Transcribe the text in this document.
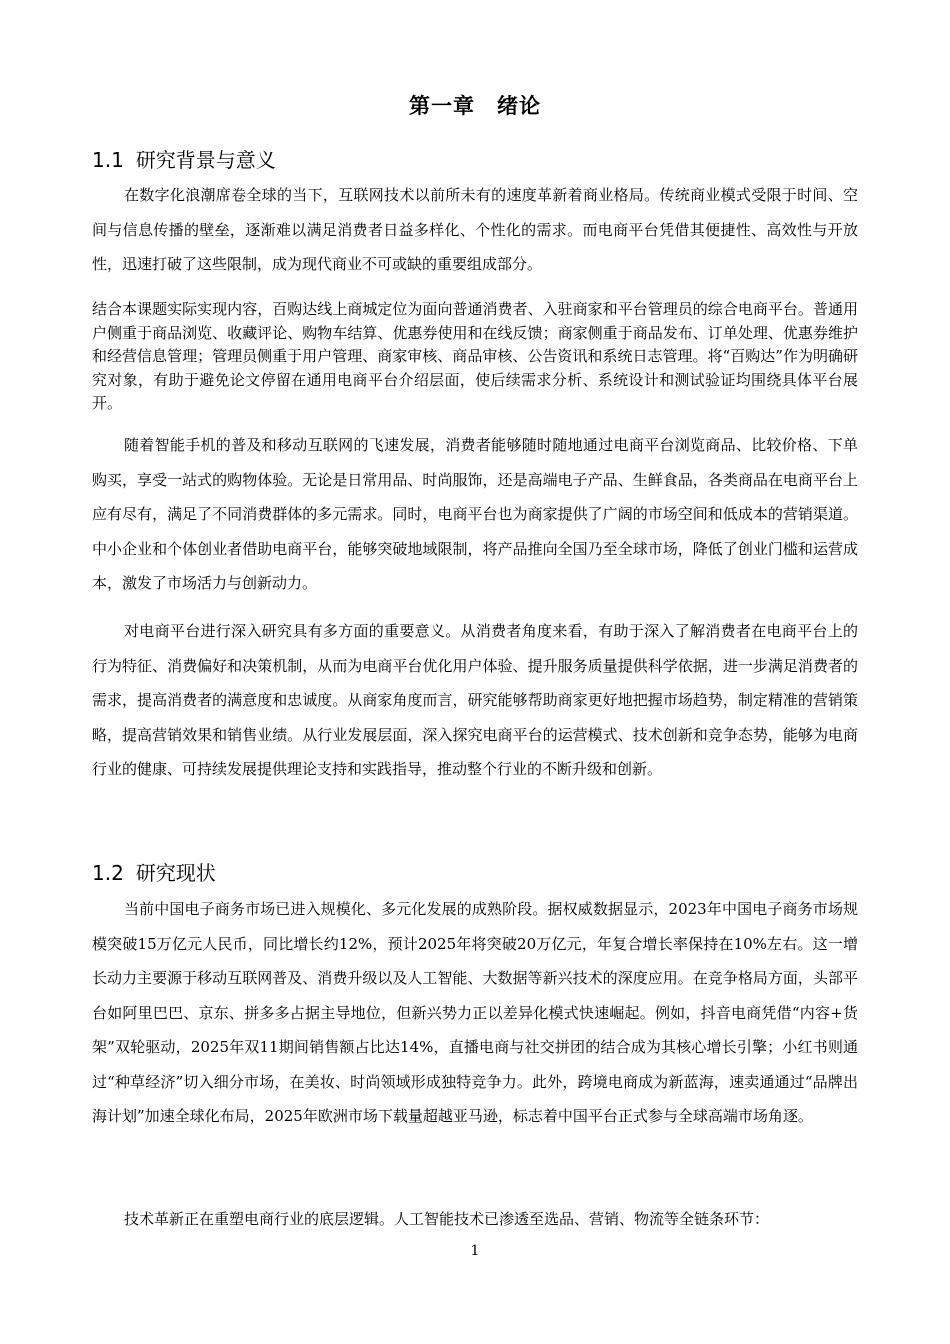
第一章　绪论
1.1 研究背景与意义

在数字化浪潮席卷全球的当下，互联网技术以前所未有的速度革新着商业格局。传统商业模式受限于时间、空间与信息传播的壁垒，逐渐难以满足消费者日益多样化、个性化的需求。而电商平台凭借其便捷性、高效性与开放性，迅速打破了这些限制，成为现代商业不可或缺的重要组成部分。

结合本课题实际实现内容，百购达线上商城定位为面向普通消费者、入驻商家和平台管理员的综合电商平台。普通用户侧重于商品浏览、收藏评论、购物车结算、优惠券使用和在线反馈；商家侧重于商品发布、订单处理、优惠券维护和经营信息管理；管理员侧重于用户管理、商家审核、商品审核、公告资讯和系统日志管理。将“百购达”作为明确研究对象，有助于避免论文停留在通用电商平台介绍层面，使后续需求分析、系统设计和测试验证均围绕具体平台展开。

随着智能手机的普及和移动互联网的飞速发展，消费者能够随时随地通过电商平台浏览商品、比较价格、下单购买，享受一站式的购物体验。无论是日常用品、时尚服饰，还是高端电子产品、生鲜食品，各类商品在电商平台上应有尽有，满足了不同消费群体的多元需求。同时，电商平台也为商家提供了广阔的市场空间和低成本的营销渠道。中小企业和个体创业者借助电商平台，能够突破地域限制，将产品推向全国乃至全球市场，降低了创业门槛和运营成本，激发了市场活力与创新动力。

对电商平台进行深入研究具有多方面的重要意义。从消费者角度来看，有助于深入了解消费者在电商平台上的行为特征、消费偏好和决策机制，从而为电商平台优化用户体验、提升服务质量提供科学依据，进一步满足消费者的需求，提高消费者的满意度和忠诚度。从商家角度而言，研究能够帮助商家更好地把握市场趋势，制定精准的营销策略，提高营销效果和销售业绩。从行业发展层面，深入探究电商平台的运营模式、技术创新和竞争态势，能够为电商行业的健康、可持续发展提供理论支持和实践指导，推动整个行业的不断升级和创新。

1.2 研究现状

当前中国电子商务市场已进入规模化、多元化发展的成熟阶段。据权威数据显示，2023年中国电子商务市场规模突破15万亿元人民币，同比增长约12%，预计2025年将突破20万亿元，年复合增长率保持在10%左右。这一增长动力主要源于移动互联网普及、消费升级以及人工智能、大数据等新兴技术的深度应用。在竞争格局方面，头部平台如阿里巴巴、京东、拼多多占据主导地位，但新兴势力正以差异化模式快速崛起。例如，抖音电商凭借“内容+货架”双轮驱动，2025年双11期间销售额占比达14%，直播电商与社交拼团的结合成为其核心增长引擎；小红书则通过“种草经济”切入细分市场，在美妆、时尚领域形成独特竞争力。此外，跨境电商成为新蓝海，速卖通通过“品牌出海计划”加速全球化布局，2025年欧洲市场下载量超越亚马逊，标志着中国平台正式参与全球高端市场角逐。

技术革新正在重塑电商行业的底层逻辑。人工智能技术已渗透至选品、营销、物流等全链条环节：

1
